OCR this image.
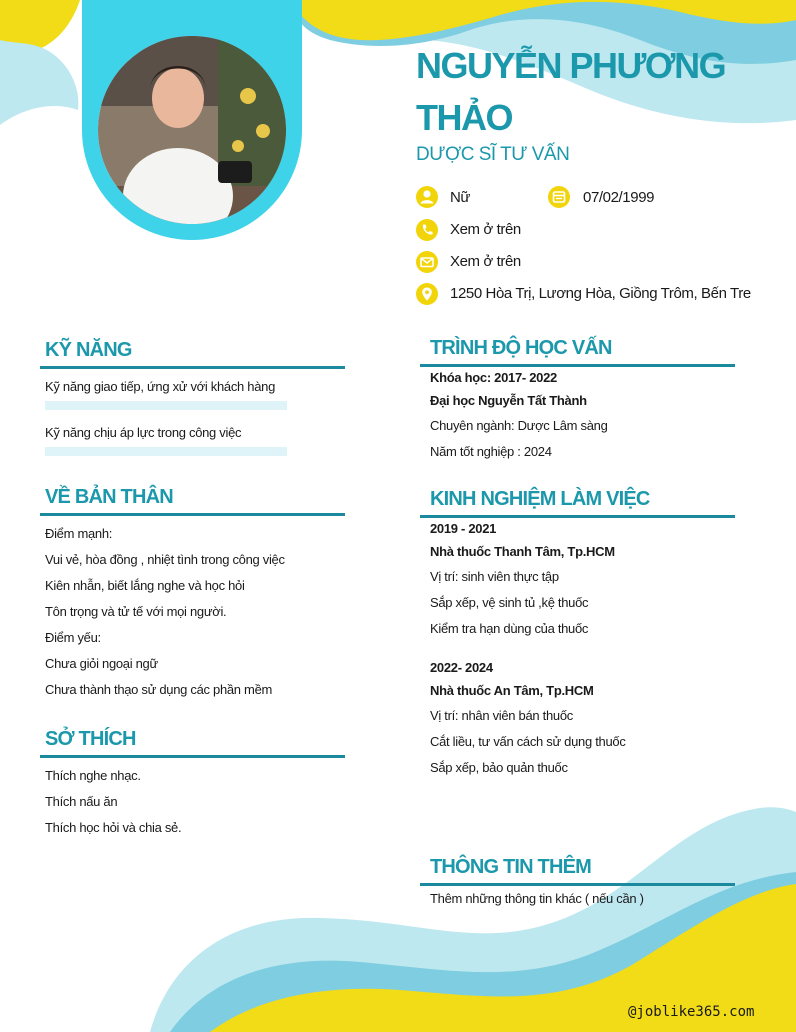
NGUYỄN PHƯƠNG THẢO
DƯỢC SĨ TƯ VẤN
Nữ	07/02/1999
Xem ở trên
Xem ở trên
1250 Hòa Trị, Lương Hòa, Giồng Trôm, Bến Tre
KỸ NĂNG
Kỹ năng giao tiếp, ứng xử với khách hàng
Kỹ năng chịu áp lực trong công việc
VỀ BẢN THÂN
Điểm mạnh:
Vui vẻ, hòa đồng , nhiệt tình trong công việc
Kiên nhẫn, biết lắng nghe và học hỏi
Tôn trọng và tử tế với mọi người.
Điểm yếu:
Chưa giỏi ngoại ngữ
Chưa thành thạo sử dụng các phần mềm
SỞ THÍCH
Thích nghe nhạc.
Thích nấu ăn
Thích học hỏi và chia sẻ.
TRÌNH ĐỘ HỌC VẤN
Khóa học: 2017- 2022
Đại học Nguyễn Tất Thành
Chuyên ngành: Dược Lâm sàng
Năm tốt nghiệp : 2024
KINH NGHIỆM LÀM VIỆC
2019 - 2021
Nhà thuốc Thanh Tâm, Tp.HCM
Vị trí: sinh viên thực tập
Sắp xếp, vệ sinh tủ ,kệ thuốc
Kiểm tra hạn dùng của thuốc
2022- 2024
Nhà thuốc An Tâm, Tp.HCM
Vị trí: nhân viên bán thuốc
Cắt liều, tư vấn cách sử dụng thuốc
Sắp xếp, bảo quản thuốc
THÔNG TIN THÊM
Thêm những thông tin khác ( nếu cần )
@joblike365.com
